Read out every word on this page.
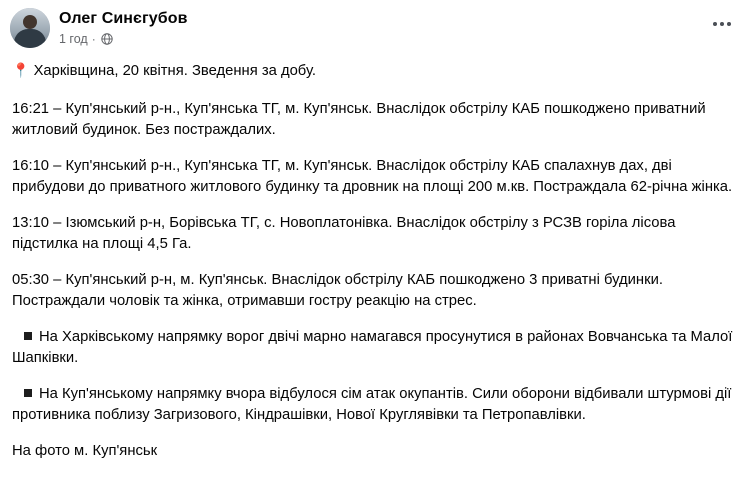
Олег Синєгубов
1 год ·

📍 Харківщина, 20 квітня. Зведення за добу.

16:21 – Куп'янський р-н., Куп'янська ТГ, м. Куп'янськ. Внаслідок обстрілу КАБ пошкоджено приватний житловий будинок. Без постраждалих.

16:10 – Куп'янський р-н., Куп'янська ТГ, м. Куп'янськ. Внаслідок обстрілу КАБ спалахнув дах, дві прибудови до приватного житлового будинку та дровник на площі 200 м.кв. Постраждала 62-річна жінка.

13:10 – Ізюмський р-н, Борівська ТГ, с. Новоплатонівка. Внаслідок обстрілу з РСЗВ горіла лісова підстилка на площі 4,5 Га.

05:30 – Куп'янський р-н, м. Куп'янськ. Внаслідок обстрілу КАБ пошкоджено 3 приватні будинки. Постраждали чоловік та жінка, отримавши гостру реакцію на стрес.

На Харківському напрямку ворог двічі марно намагався просунутися в районах Вовчанська та Малої Шапківки.

На Куп'янському напрямку вчора відбулося сім атак окупантів. Сили оборони відбивали штурмові дії противника поблизу Загризового, Кіндрашівки, Нової Круглявівки та Петропавлівки.

На фото м. Куп'янськ
